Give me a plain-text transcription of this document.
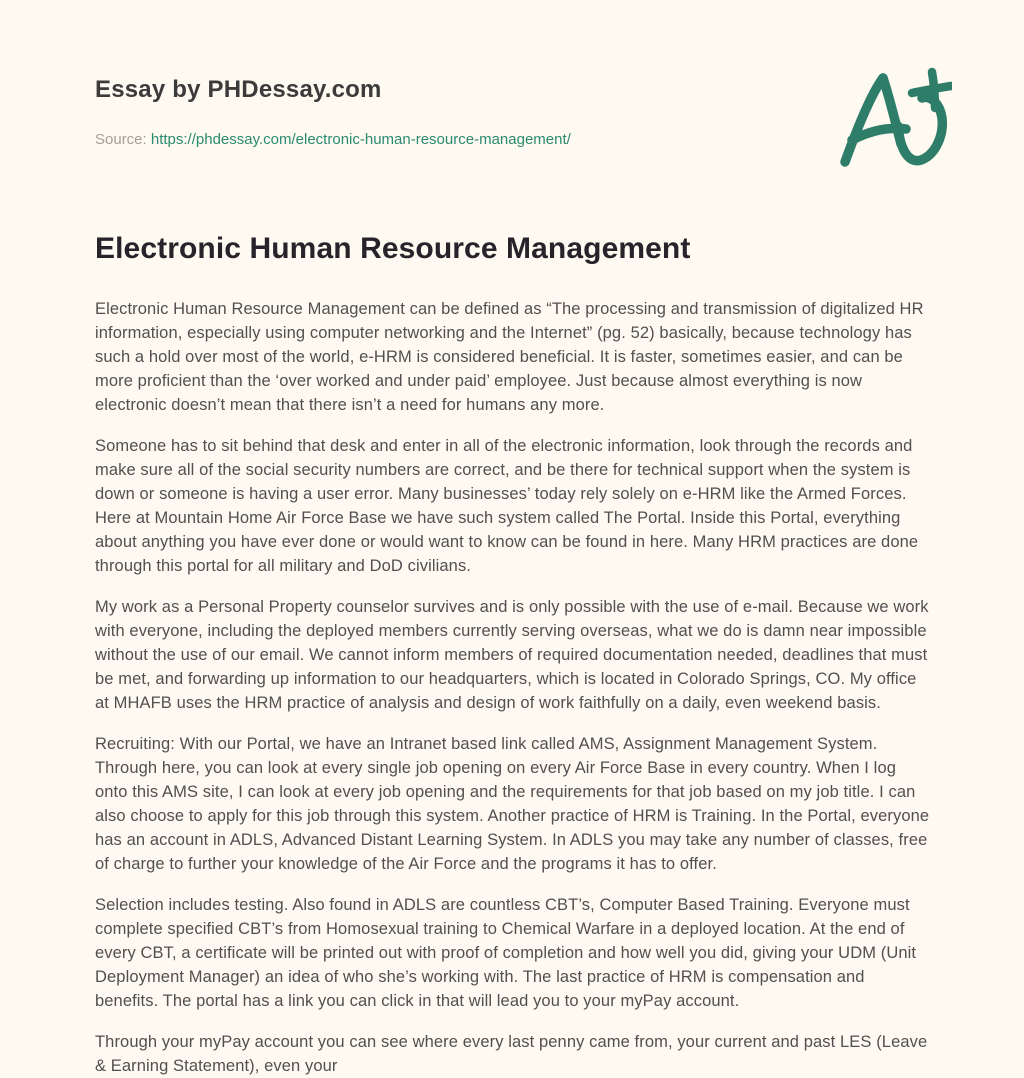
Essay by PHDessay.com
Source: https://phdessay.com/electronic-human-resource-management/
Electronic Human Resource Management

Electronic Human Resource Management can be defined as “The processing and transmission of digitalized HR information, especially using computer networking and the Internet” (pg. 52) basically, because technology has such a hold over most of the world, e-HRM is considered beneficial. It is faster, sometimes easier, and can be more proficient than the ‘over worked and under paid’ employee. Just because almost everything is now electronic doesn’t mean that there isn’t a need for humans any more.

Someone has to sit behind that desk and enter in all of the electronic information, look through the records and make sure all of the social security numbers are correct, and be there for technical support when the system is down or someone is having a user error. Many businesses’ today rely solely on e-HRM like the Armed Forces. Here at Mountain Home Air Force Base we have such system called The Portal. Inside this Portal, everything about anything you have ever done or would want to know can be found in here. Many HRM practices are done through this portal for all military and DoD civilians.

My work as a Personal Property counselor survives and is only possible with the use of e-mail. Because we work with everyone, including the deployed members currently serving overseas, what we do is damn near impossible without the use of our email. We cannot inform members of required documentation needed, deadlines that must be met, and forwarding up information to our headquarters, which is located in Colorado Springs, CO. My office at MHAFB uses the HRM practice of analysis and design of work faithfully on a daily, even weekend basis.

Recruiting: With our Portal, we have an Intranet based link called AMS, Assignment Management System. Through here, you can look at every single job opening on every Air Force Base in every country. When I log onto this AMS site, I can look at every job opening and the requirements for that job based on my job title. I can also choose to apply for this job through this system. Another practice of HRM is Training. In the Portal, everyone has an account in ADLS, Advanced Distant Learning System. In ADLS you may take any number of classes, free of charge to further your knowledge of the Air Force and the programs it has to offer.

Selection includes testing. Also found in ADLS are countless CBT’s, Computer Based Training. Everyone must complete specified CBT’s from Homosexual training to Chemical Warfare in a deployed location. At the end of every CBT, a certificate will be printed out with proof of completion and how well you did, giving your UDM (Unit Deployment Manager) an idea of who she’s working with. The last practice of HRM is compensation and benefits. The portal has a link you can click in that will lead you to your myPay account.

Through your myPay account you can see where every last penny came from, your current and past LES (Leave & Earning Statement), even your
